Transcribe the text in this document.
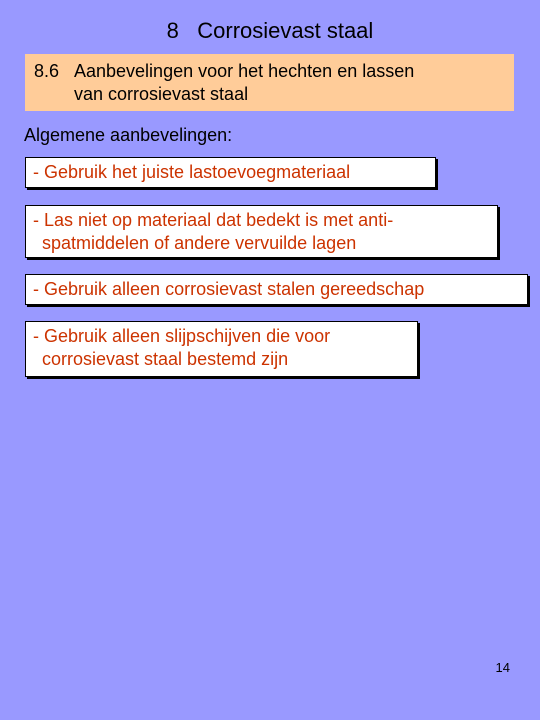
8   Corrosievast staal
8.6 Aanbevelingen voor het hechten en lassen
van corrosievast staal
Algemene aanbevelingen:
- Gebruik het juiste lastoevoegmateriaal
- Las niet op materiaal dat bedekt is met anti-
spatmiddelen of andere vervuilde lagen
- Gebruik alleen corrosievast stalen gereedschap
- Gebruik alleen slijpschijven die voor
corrosievast staal bestemd zijn
14
